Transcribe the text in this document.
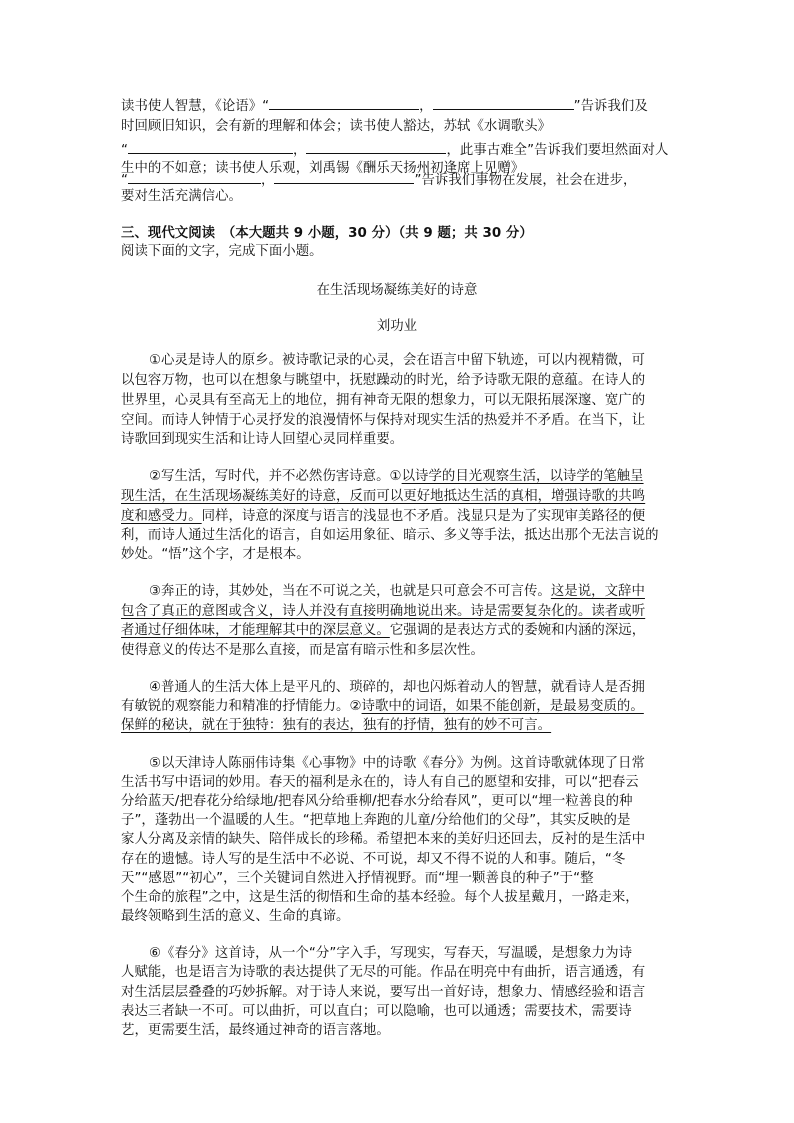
读书使人智慧，《论语》“	，	”告诉我们及
时回顾旧知识，会有新的理解和体会；读书使人豁达，苏轼《水调歌头》
“	，	，此事古难全”告诉我们要坦然面对人
生中的不如意；读书使人乐观，刘禹锡《酬乐天扬州初逢席上见赠》
“	，	”告诉我们事物在发展，社会在进步，
要对生活充满信心。
三、现代文阅读　（本大题共 9 小题，30 分）（共 9 题；共 30 分）
阅读下面的文字，完成下面小题。
在生活现场凝练美好的诗意
刘功业
①心灵是诗人的原乡。被诗歌记录的心灵，会在语言中留下轨迹，可以内视精微，可
以包容万物，也可以在想象与眺望中，抚慰躁动的时光，给予诗歌无限的意蕴。在诗人的
世界里，心灵具有至高无上的地位，拥有神奇无限的想象力，可以无限拓展深邃、宽广的
空间。而诗人钟情于心灵抒发的浪漫情怀与保持对现实生活的热爱并不矛盾。在当下，让
诗歌回到现实生活和让诗人回望心灵同样重要。
②写生活，写时代，并不必然伤害诗意。①以诗学的目光观察生活，以诗学的笔触呈
现生活，在生活现场凝练美好的诗意，反而可以更好地抵达生活的真相，增强诗歌的共鸣
度和感受力。同样，诗意的深度与语言的浅显也不矛盾。浅显只是为了实现审美路径的便
利，而诗人通过生活化的语言，自如运用象征、暗示、多义等手法，抵达出那个无法言说的
妙处。“悟”这个字，才是根本。
③奔正的诗，其妙处，当在不可说之关，也就是只可意会不可言传。这是说，文辞中
包含了真正的意图或含义，诗人并没有直接明确地说出来。诗是需要复杂化的。读者或听
者通过仔细体味，才能理解其中的深层意义。它强调的是表达方式的委婉和内涵的深远，
使得意义的传达不是那么直接，而是富有暗示性和多层次性。
④普通人的生活大体上是平凡的、琐碎的，却也闪烁着动人的智慧，就看诗人是否拥
有敏锐的观察能力和精准的抒情能力。②诗歌中的词语，如果不能创新，是最易变质的。
保鲜的秘诀，就在于独特：独有的表达，独有的抒情，独有的妙不可言。
⑤以天津诗人陈丽伟诗集《心事物》中的诗歌《春分》为例。这首诗歌就体现了日常
生活书写中语词的妙用。春天的福利是永在的，诗人有自己的愿望和安排，可以“把春云
分给蓝天/把春花分给绿地/把春风分给垂柳/把春水分给春风”，更可以“埋一粒善良的种
子”，蓬勃出一个温暖的人生。“把草地上奔跑的儿童/分给他们的父母”，其实反映的是
家人分离及亲情的缺失、陪伴成长的珍稀。希望把本来的美好归还回去，反衬的是生活中
存在的遗憾。诗人写的是生活中不必说、不可说，却又不得不说的人和事。随后，“冬
天”“感恩”“初心”，三个关键词自然进入抒情视野。而“埋一颗善良的种子”于“整
个生命的旅程”之中，这是生活的彻悟和生命的基本经验。每个人拔星戴月，一路走来，
最终领略到生活的意义、生命的真谛。
⑥《春分》这首诗，从一个“分”字入手，写现实，写春天，写温暖，是想象力为诗
人赋能，也是语言为诗歌的表达提供了无尽的可能。作品在明亮中有曲折，语言通透，有
对生活层层叠叠的巧妙拆解。对于诗人来说，要写出一首好诗，想象力、情感经验和语言
表达三者缺一不可。可以曲折，可以直白；可以隐喻，也可以通透；需要技术，需要诗
艺，更需要生活，最终通过神奇的语言落地。
